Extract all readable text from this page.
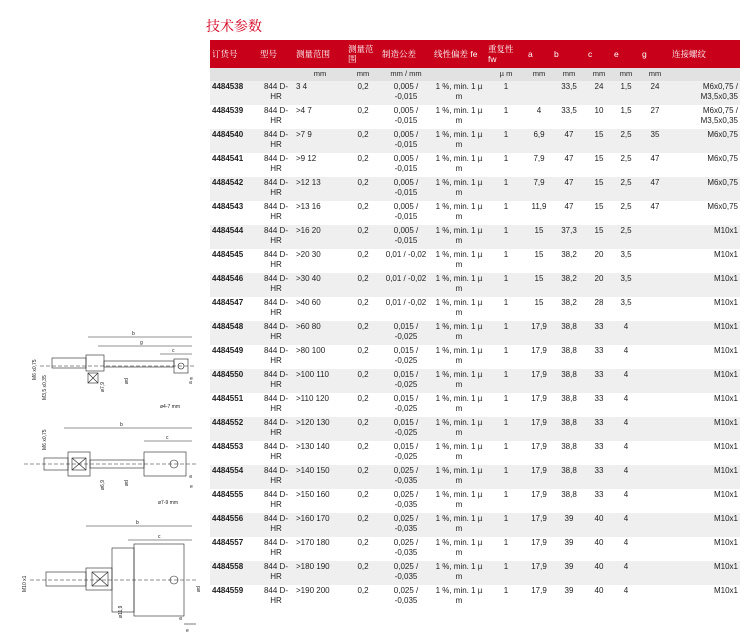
技术参数
b
g
c
e
M6 x0,75
M3,5 x0,35	ø7,9
ød	a
ø4-7 mm
b
c
e
M6 x0,75
ød
ø6,9
a
ø7-9 mm
b
c
e
M10 x1
ø11,9
ød
a
订货号	型号	测量范围	测量范围	制造公差	线性偏差 fe	重复性 fw	a	b	c	e	g	连接螺纹
		mm	mm	mm / mm		µ m	mm	mm	mm	mm	mm	
4484538	844 D-HR	3 4	0,2	0,005 / -0,015	1 %, min. 1 µ m	1		33,5	24	1,5	24	M6x0,75 / M3,5x0,35
4484539	844 D-HR	>4 7	0,2	0,005 / -0,015	1 %, min. 1 µ m	1	4	33,5	10	1,5	27	M6x0,75 / M3,5x0,35
4484540	844 D-HR	>7 9	0,2	0,005 / -0,015	1 %, min. 1 µ m	1	6,9	47	15	2,5	35	M6x0,75
4484541	844 D-HR	>9 12	0,2	0,005 / -0,015	1 %, min. 1 µ m	1	7,9	47	15	2,5	47	M6x0,75
4484542	844 D-HR	>12 13	0,2	0,005 / -0,015	1 %, min. 1 µ m	1	7,9	47	15	2,5	47	M6x0,75
4484543	844 D-HR	>13 16	0,2	0,005 / -0,015	1 %, min. 1 µ m	1	11,9	47	15	2,5	47	M6x0,75
4484544	844 D-HR	>16 20	0,2	0,005 / -0,015	1 %, min. 1 µ m	1	15	37,3	15	2,5		M10x1
4484545	844 D-HR	>20 30	0,2	0,01 / -0,02	1 %, min. 1 µ m	1	15	38,2	20	3,5		M10x1
4484546	844 D-HR	>30 40	0,2	0,01 / -0,02	1 %, min. 1 µ m	1	15	38,2	20	3,5		M10x1
4484547	844 D-HR	>40 60	0,2	0,01 / -0,02	1 %, min. 1 µ m	1	15	38,2	28	3,5		M10x1
4484548	844 D-HR	>60 80	0,2	0,015 / -0,025	1 %, min. 1 µ m	1	17,9	38,8	33	4		M10x1
4484549	844 D-HR	>80 100	0,2	0,015 / -0,025	1 %, min. 1 µ m	1	17,9	38,8	33	4		M10x1
4484550	844 D-HR	>100 110	0,2	0,015 / -0,025	1 %, min. 1 µ m	1	17,9	38,8	33	4		M10x1
4484551	844 D-HR	>110 120	0,2	0,015 / -0,025	1 %, min. 1 µ m	1	17,9	38,8	33	4		M10x1
4484552	844 D-HR	>120 130	0,2	0,015 / -0,025	1 %, min. 1 µ m	1	17,9	38,8	33	4		M10x1
4484553	844 D-HR	>130 140	0,2	0,015 / -0,025	1 %, min. 1 µ m	1	17,9	38,8	33	4		M10x1
4484554	844 D-HR	>140 150	0,2	0,025 / -0,035	1 %, min. 1 µ m	1	17,9	38,8	33	4		M10x1
4484555	844 D-HR	>150 160	0,2	0,025 / -0,035	1 %, min. 1 µ m	1	17,9	38,8	33	4		M10x1
4484556	844 D-HR	>160 170	0,2	0,025 / -0,035	1 %, min. 1 µ m	1	17,9	39	40	4		M10x1
4484557	844 D-HR	>170 180	0,2	0,025 / -0,035	1 %, min. 1 µ m	1	17,9	39	40	4		M10x1
4484558	844 D-HR	>180 190	0,2	0,025 / -0,035	1 %, min. 1 µ m	1	17,9	39	40	4		M10x1
4484559	844 D-HR	>190 200	0,2	0,025 / -0,035	1 %, min. 1 µ m	1	17,9	39	40	4		M10x1
